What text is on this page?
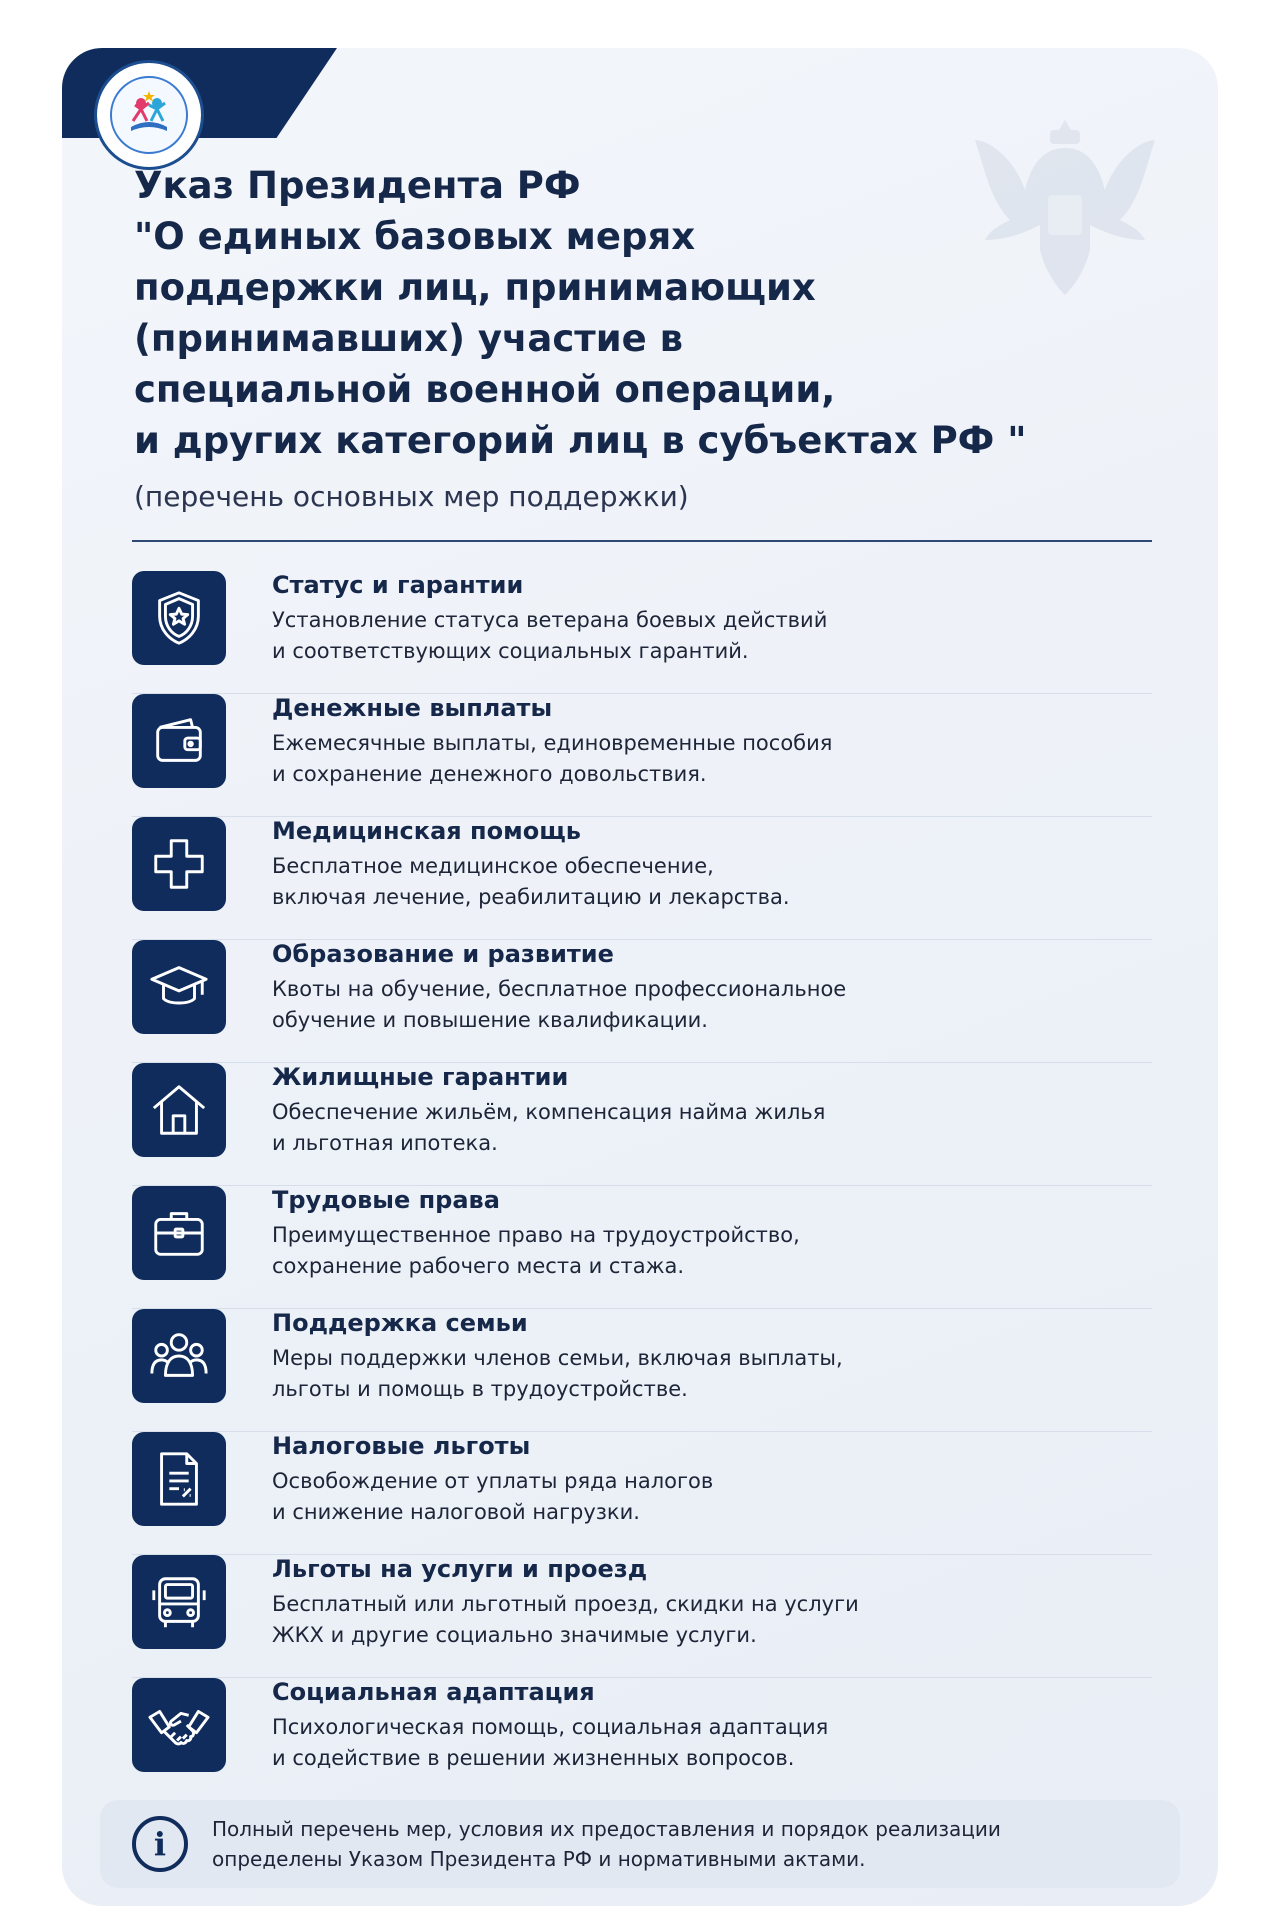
Указ Президента РФ
"О единых базовых мерях
поддержки лиц, принимающих
(принимавших) участие в
специальной военной операции,
и других категорий лиц в субъектах РФ "
(перечень основных мер поддержки)
Статус и гарантии
Установление статуса ветерана боевых действий
и соответствующих социальных гарантий.
Денежные выплаты
Ежемесячные выплаты, единовременные пособия
и сохранение денежного довольствия.
Медицинская помощь
Бесплатное медицинское обеспечение,
включая лечение, реабилитацию и лекарства.
Образование и развитие
Квоты на обучение, бесплатное профессиональное
обучение и повышение квалификации.
Жилищные гарантии
Обеспечение жильём, компенсация найма жилья
и льготная ипотека.
Трудовые права
Преимущественное право на трудоустройство,
сохранение рабочего места и стажа.
Поддержка семьи
Меры поддержки членов семьи, включая выплаты,
льготы и помощь в трудоустройстве.
Налоговые льготы
Освобождение от уплаты ряда налогов
и снижение налоговой нагрузки.
Льготы на услуги и проезд
Бесплатный или льготный проезд, скидки на услуги
ЖКХ и другие социально значимые услуги.
Социальная адаптация
Психологическая помощь, социальная адаптация
и содействие в решении жизненных вопросов.
i	Полный перечень мер, условия их предоставления и порядок реализации
определены Указом Президента РФ и нормативными актами.
